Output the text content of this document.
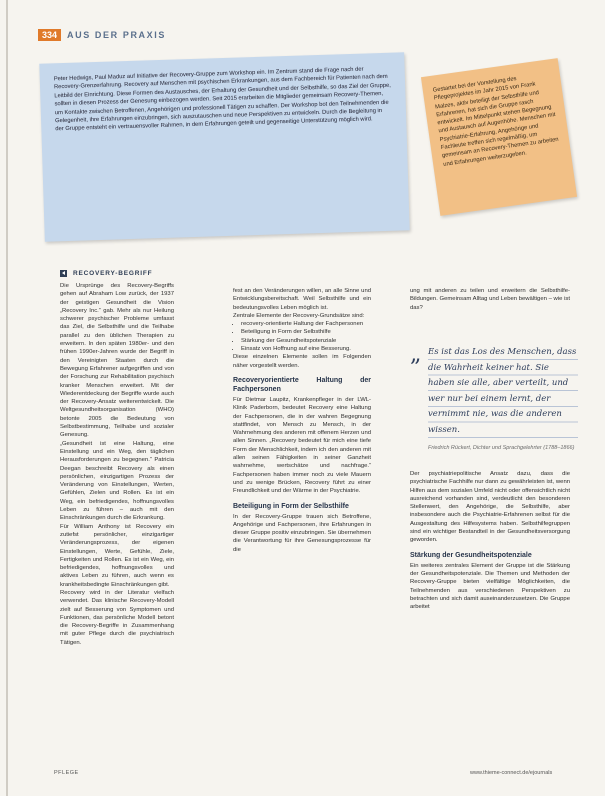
334	AUS DER PRAXIS
Peter Hedwigs, Paul Maduz auf Initiative der Recovery-Gruppe zum Workshop ein. Im Zentrum stand die Frage nach der Recovery-Grenzerfahrung. Recovery auf Menschen mit psychischen Erkrankungen, aus dem Fachbereich für Patienten nach dem Leitbild der Einrichtung. Diese Formen des Austausches, der Erhaltung der Gesundheit und der Selbsthilfe, so das Ziel der Gruppe, sollten in diesen Prozess der Genesung einbezogen werden. Seit 2015 erarbeiten die Mitglieder gemeinsam Recovery-Themen, um Kontakte zwischen Betroffenen, Angehörigen und professionell Tätigen zu schaffen. Der Workshop bot den Teilnehmenden die Gelegenheit, ihre Erfahrungen einzubringen, sich auszutauschen und neue Perspektiven zu entwickeln. Durch die Begleitung in der Gruppe entsteht ein vertrauensvoller Rahmen, in dem Erfahrungen geteilt und gegenseitige Unterstützung möglich wird.
Gestartet bei der Vorstellung des Pflegeprojektes im Jahr 2015 von Frank Malzes, aktiv beteiligt der Selbsthilfe und Erfahrenen, hat sich die Gruppe rasch entwickelt. Im Mittelpunkt stehen Begegnung und Austausch auf Augenhöhe. Menschen mit Psychiatrie-Erfahrung, Angehörige und Fachleute treffen sich regelmäßig, um gemeinsam an Recovery-Themen zu arbeiten und Erfahrungen weiterzugeben.
RECOVERY-BEGRIFF

Die Ursprünge des Recovery-Begriffs gehen auf Abraham Low zurück, der 1937 der geistigen Gesundheit die Vision „Recovery Inc.“ gab. Mehr als nur Heilung schwerer psychischer Probleme umfasst das Ziel, die Selbsthilfe und die Teilhabe parallel zu den üblichen Therapien zu erweitern. In den späten 1980er- und den frühen 1990er-Jahren wurde der Begriff in den Vereinigten Staaten durch die Bewegung Erfahrener aufgegriffen und von der Forschung zur Rehabilitation psychisch kranker Menschen erweitert. Mit der Wiederentdeckung der Begriffe wurde auch der Recovery-Ansatz weiterentwickelt. Die Weltgesundheitsorganisation (WHO) betonte 2005 die Bedeutung von Selbstbestimmung, Teilhabe und sozialer Genesung.

„Gesundheit ist eine Haltung, eine Einstellung und ein Weg, den täglichen Herausforderungen zu begegnen.“ Patricia Deegan beschreibt Recovery als einen persönlichen, einzigartigen Prozess der Veränderung von Einstellungen, Werten, Gefühlen, Zielen und Rollen. Es ist ein Weg, ein befriedigendes, hoffnungsvolles Leben zu führen – auch mit den Einschränkungen durch die Erkrankung.

Für William Anthony ist Recovery ein zutiefst persönlicher, einzigartiger Veränderungsprozess, der eigenen Einstellungen, Werte, Gefühle, Ziele, Fertigkeiten und Rollen. Es ist ein Weg, ein befriedigendes, hoffnungsvolles und aktives Leben zu führen, auch wenn es krankheitsbedingte Einschränkungen gibt.

Recovery wird in der Literatur vielfach verwendet. Das klinische Recovery-Modell zielt auf Besserung von Symptomen und Funktionen, das persönliche Modell betont die Recovery-Begriffe in Zusammenhang mit guter Pflege durch die psychiatrisch Tätigen.

fest an den Veränderungen willen, an alle Sinne und Entwicklungsbereitschaft. Weil Selbsthilfe und ein bedeutungsvolles Leben möglich ist.

Zentrale Elemente der Recovery-Grundsätze sind:

• recovery-orientierte Haltung der Fachpersonen
• Beteiligung in Form der Selbsthilfe
• Stärkung der Gesundheitspotenziale
• Einsatz von Hoffnung auf eine Besserung.

Diese einzelnen Elemente sollen im Folgenden näher vorgestellt werden.

Recoveryorientierte Haltung der Fachpersonen

Für Dietmar Laupitz, Krankenpfleger in der LWL-Klinik Paderborn, bedeutet Recovery eine Haltung der Fachpersonen, die in der wahren Begegnung stattfindet, von Mensch zu Mensch, in der Wahrnehmung des anderen mit offenem Herzen und allen Sinnen. „Recovery bedeutet für mich eine tiefe Form der Menschlichkeit, indem ich den anderen mit allen seinen Fähigkeiten in seiner Ganzheit wahrnehme, wertschätze und nachfrage.“ Fachpersonen haben immer noch zu viele Mauern und zu wenige Brücken, Recovery führt zu einer Freundlichkeit und der Wärme in der Psychiatrie.

Beteiligung in Form der Selbsthilfe

In der Recovery-Gruppe trauen sich Betroffene, Angehörige und Fachpersonen, ihre Erfahrungen in dieser Gruppe positiv einzubringen. Sie übernehmen die Verantwortung für ihre Genesungsprozesse für die

ung mit anderen zu teilen und erweitern die Selbsthilfe-Bildungen. Gemeinsam Alltag und Leben bewältigen – wie ist das?

„ Es ist das Los des Menschen, dass die Wahrheit keiner hat. Sie haben sie alle, aber verteilt, und wer nur bei einem lernt, der vernimmt nie, was die anderen wissen.
Friedrich Rückert, Dichter und Sprachgelehrter (1788–1866)

Der psychiatriepolitische Ansatz dazu, dass die psychiatrische Fachhilfe nur dann zu gewährleisten ist, wenn Hilfen aus dem sozialen Umfeld nicht oder offensichtlich nicht ausreichend vorhanden sind, verdeutlicht den besonderen Stellenwert, den Angehörige, die Selbsthilfe, aber insbesondere auch die Psychiatrie-Erfahrenen selbst für die Ausgestaltung des Hilfesystems haben. Selbsthilfegruppen sind ein wichtiger Bestandteil in der Gesundheitsversorgung geworden.

Stärkung der Gesundheitspotenziale

Ein weiteres zentrales Element der Gruppe ist die Stärkung der Gesundheitspotenziale. Die Themen und Methoden der Recovery-Gruppe bieten vielfältige Möglichkeiten, die Teilnehmenden aus verschiedenen Perspektiven zu betrachten und sich damit auseinanderzusetzen. Die Gruppe arbeitet

PFLEGE	www.thieme-connect.de/ejournals
